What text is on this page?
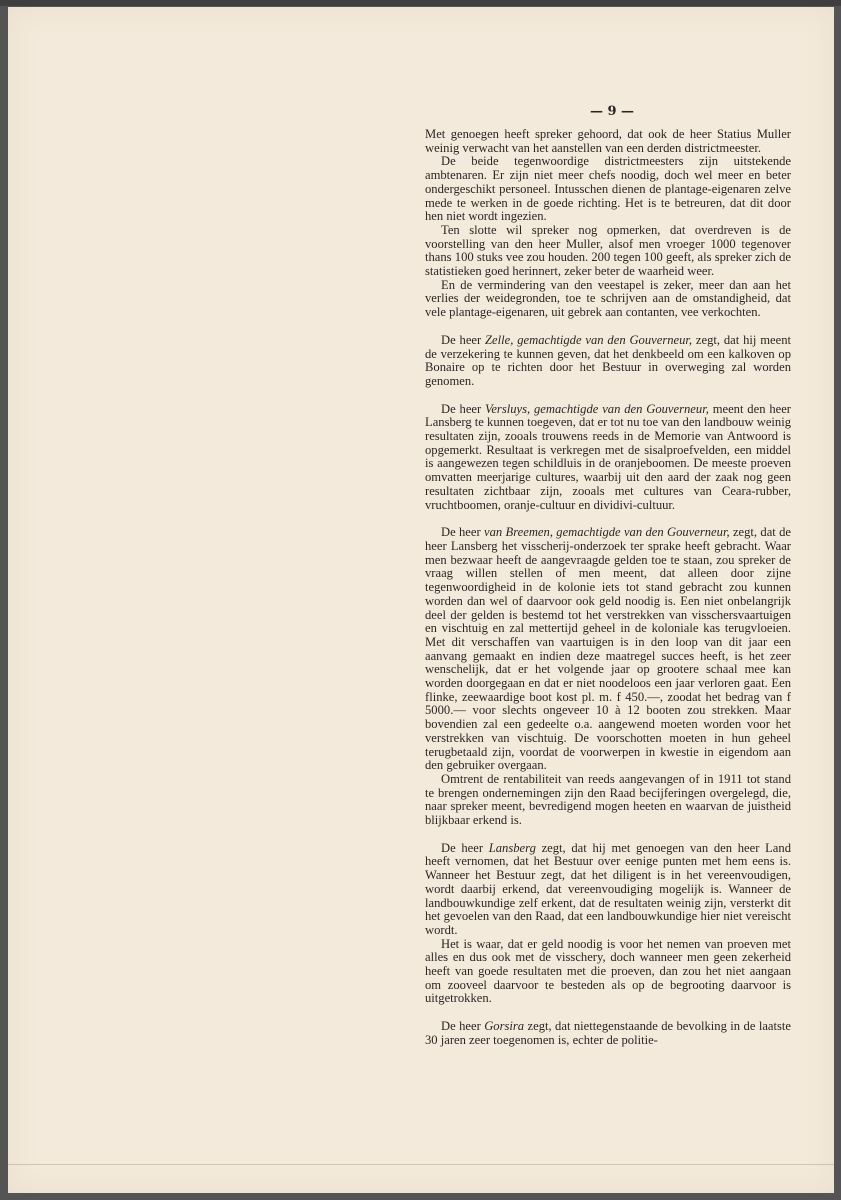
— 9 —

Met genoegen heeft spreker gehoord, dat ook de heer Statius Muller weinig verwacht van het aanstellen van een derden districtmeester.

De beide tegenwoordige districtmeesters zijn uitstekende ambtenaren. Er zijn niet meer chefs noodig, doch wel meer en beter ondergeschikt personeel. Intusschen dienen de plantage-eigenaren zelve mede te werken in de goede richting. Het is te betreuren, dat dit door hen niet wordt ingezien.

Ten slotte wil spreker nog opmerken, dat overdreven is de voorstelling van den heer Muller, alsof men vroeger 1000 tegenover thans 100 stuks vee zou houden. 200 tegen 100 geeft, als spreker zich de statistieken goed herinnert, zeker beter de waarheid weer.

En de vermindering van den veestapel is zeker, meer dan aan het verlies der weidegronden, toe te schrijven aan de omstandigheid, dat vele plantage-eigenaren, uit gebrek aan contanten, vee verkochten.

De heer Zelle, gemachtigde van den Gouverneur, zegt, dat hij meent de verzekering te kunnen geven, dat het denkbeeld om een kalkoven op Bonaire op te richten door het Bestuur in overweging zal worden genomen.

De heer Versluys, gemachtigde van den Gouverneur, meent den heer Lansberg te kunnen toegeven, dat er tot nu toe van den landbouw weinig resultaten zijn, zooals trouwens reeds in de Memorie van Antwoord is opgemerkt. Resultaat is verkregen met de sisalproefvelden, een middel is aangewezen tegen schildluis in de oranjeboomen. De meeste proeven omvatten meerjarige cultures, waarbij uit den aard der zaak nog geen resultaten zichtbaar zijn, zooals met cultures van Ceara-rubber, vruchtboomen, oranje-cultuur en dividivi-cultuur.

De heer van Breemen, gemachtigde van den Gouverneur, zegt, dat de heer Lansberg het visscherij-onderzoek ter sprake heeft gebracht. Waar men bezwaar heeft de aangevraagde gelden toe te staan, zou spreker de vraag willen stellen of men meent, dat alleen door zijne tegenwoordigheid in de kolonie iets tot stand gebracht zou kunnen worden dan wel of daarvoor ook geld noodig is. Een niet onbelangrijk deel der gelden is bestemd tot het verstrekken van visschersvaartuigen en vischtuig en zal mettertijd geheel in de koloniale kas terugvloeien. Met dit verschaffen van vaartuigen is in den loop van dit jaar een aanvang gemaakt en indien deze maatregel succes heeft, is het zeer wenschelijk, dat er het volgende jaar op grootere schaal mee kan worden doorgegaan en dat er niet noodeloos een jaar verloren gaat. Een flinke, zeewaardige boot kost pl. m. f 450.—, zoodat het bedrag van f 5000.— voor slechts ongeveer 10 à 12 booten zou strekken. Maar bovendien zal een gedeelte o.a. aangewend moeten worden voor het verstrekken van vischtuig. De voorschotten moeten in hun geheel terugbetaald zijn, voordat de voorwerpen in kwestie in eigendom aan den gebruiker overgaan.

Omtrent de rentabiliteit van reeds aangevangen of in 1911 tot stand te brengen ondernemingen zijn den Raad becijferingen overgelegd, die, naar spreker meent, bevredigend mogen heeten en waarvan de juistheid blijkbaar erkend is.

De heer Lansberg zegt, dat hij met genoegen van den heer Land heeft vernomen, dat het Bestuur over eenige punten met hem eens is. Wanneer het Bestuur zegt, dat het diligent is in het vereenvoudigen, wordt daarbij erkend, dat vereenvoudiging mogelijk is. Wanneer de landbouwkundige zelf erkent, dat de resultaten weinig zijn, versterkt dit het gevoelen van den Raad, dat een landbouwkundige hier niet vereischt wordt.

Het is waar, dat er geld noodig is voor het nemen van proeven met alles en dus ook met de visschery, doch wanneer men geen zekerheid heeft van goede resultaten met die proeven, dan zou het niet aangaan om zooveel daarvoor te besteden als op de begrooting daarvoor is uitgetrokken.

De heer Gorsira zegt, dat niettegenstaande de bevolking in de laatste 30 jaren zeer toegenomen is, echter de politie-
